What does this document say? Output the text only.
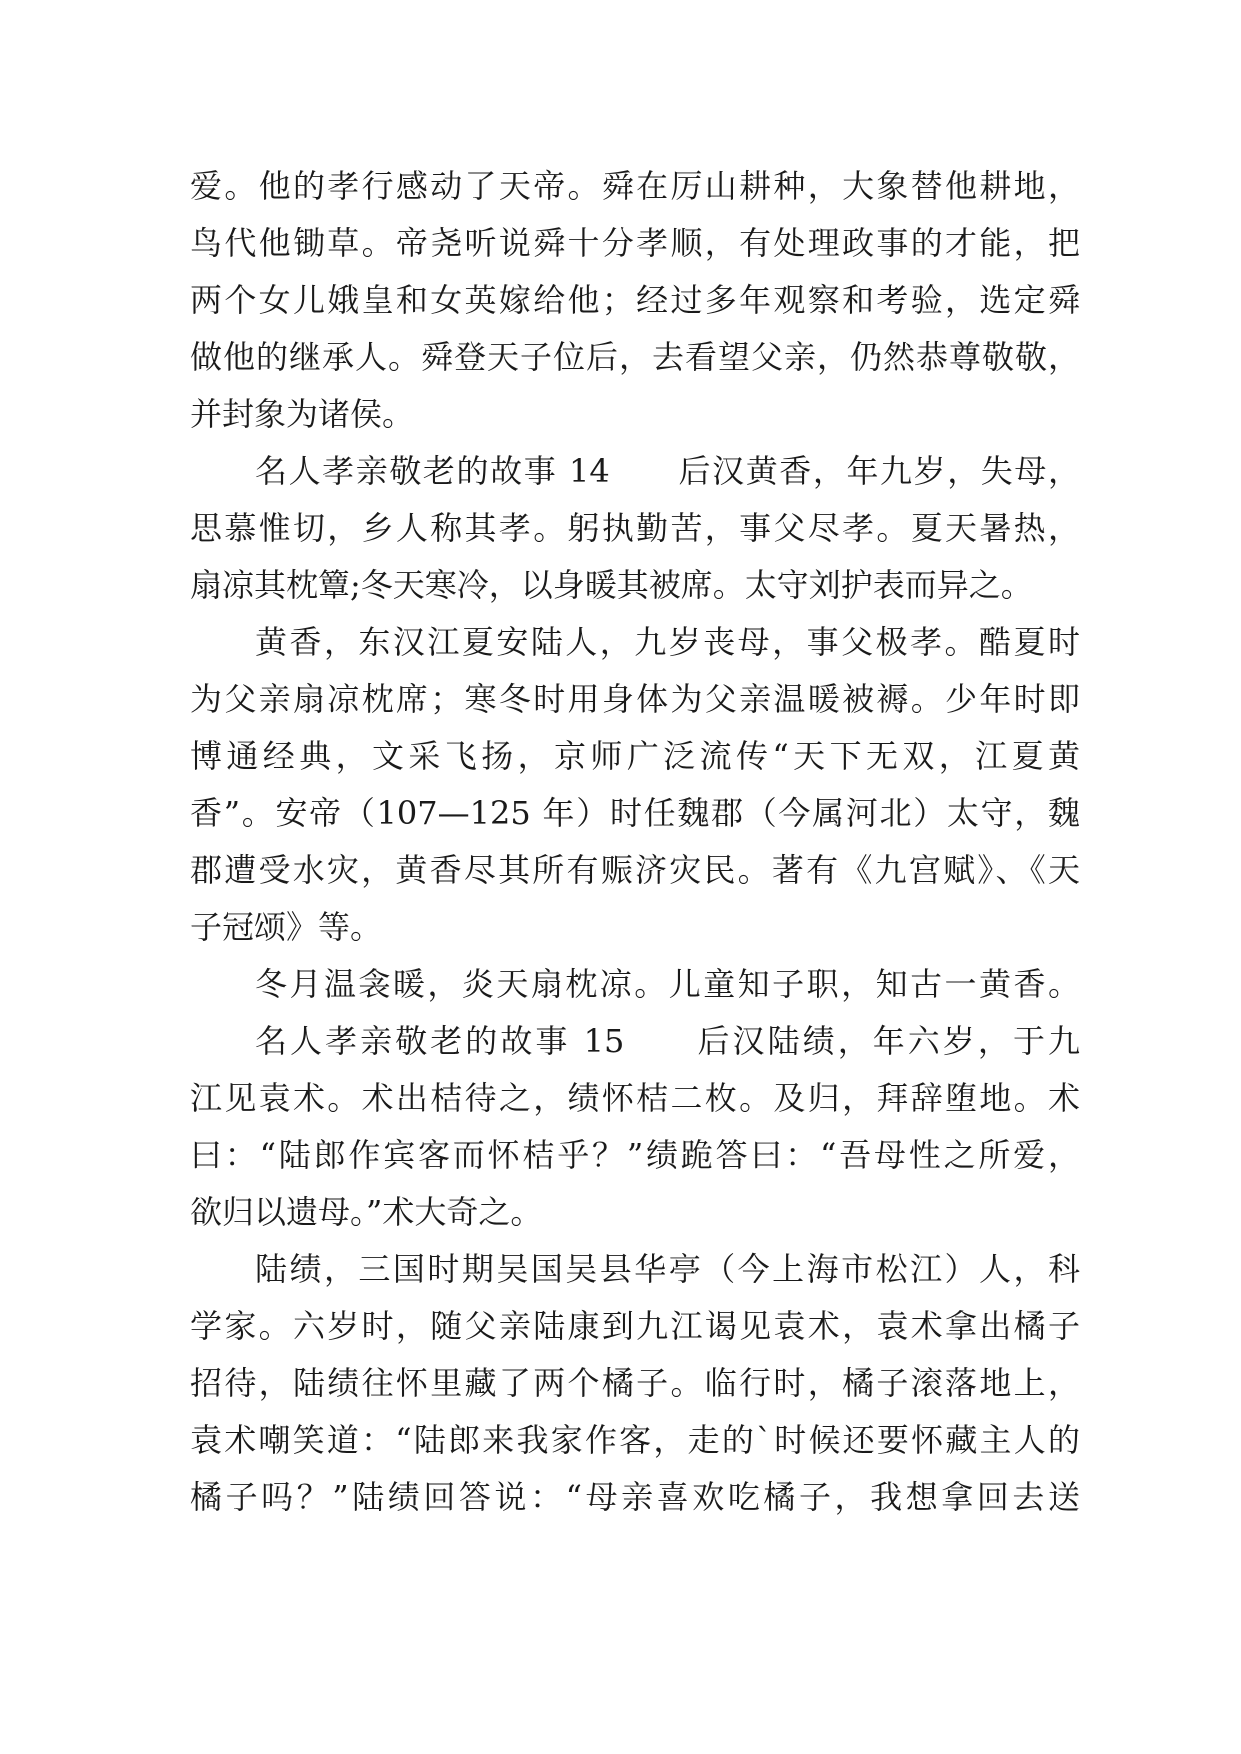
爱。他的孝行感动了天帝。舜在厉山耕种，大象替他耕地，
鸟代他锄草。帝尧听说舜十分孝顺，有处理政事的才能，把
两个女儿娥皇和女英嫁给他；经过多年观察和考验，选定舜
做他的继承人。舜登天子位后，去看望父亲，仍然恭尊敬敬，
并封象为诸侯。
名人孝亲敬老的故事 14　　后汉黄香，年九岁，失母，
思慕惟切，乡人称其孝。躬执勤苦，事父尽孝。夏天暑热，
扇凉其枕簟;冬天寒冷，以身暖其被席。太守刘护表而异之。
黄香，东汉江夏安陆人，九岁丧母，事父极孝。酷夏时
为父亲扇凉枕席；寒冬时用身体为父亲温暖被褥。少年时即
博通经典，文采飞扬，京师广泛流传“天下无双，江夏黄
香”。安帝（107—125 年）时任魏郡（今属河北）太守，魏
郡遭受水灾，黄香尽其所有赈济灾民。著有《九宫赋》、《天
子冠颂》等。
冬月温衾暖，炎天扇枕凉。儿童知子职，知古一黄香。
名人孝亲敬老的故事 15　　后汉陆绩，年六岁，于九
江见袁术。术出桔待之，绩怀桔二枚。及归，拜辞堕地。术
曰：“陆郎作宾客而怀桔乎？”绩跪答曰：“吾母性之所爱，
欲归以遗母。”术大奇之。
陆绩，三国时期吴国吴县华亭（今上海市松江）人，科
学家。六岁时，随父亲陆康到九江谒见袁术，袁术拿出橘子
招待，陆绩往怀里藏了两个橘子。临行时，橘子滚落地上，
袁术嘲笑道：“陆郎来我家作客，走的`时候还要怀藏主人的
橘子吗？”陆绩回答说：“母亲喜欢吃橘子，我想拿回去送
